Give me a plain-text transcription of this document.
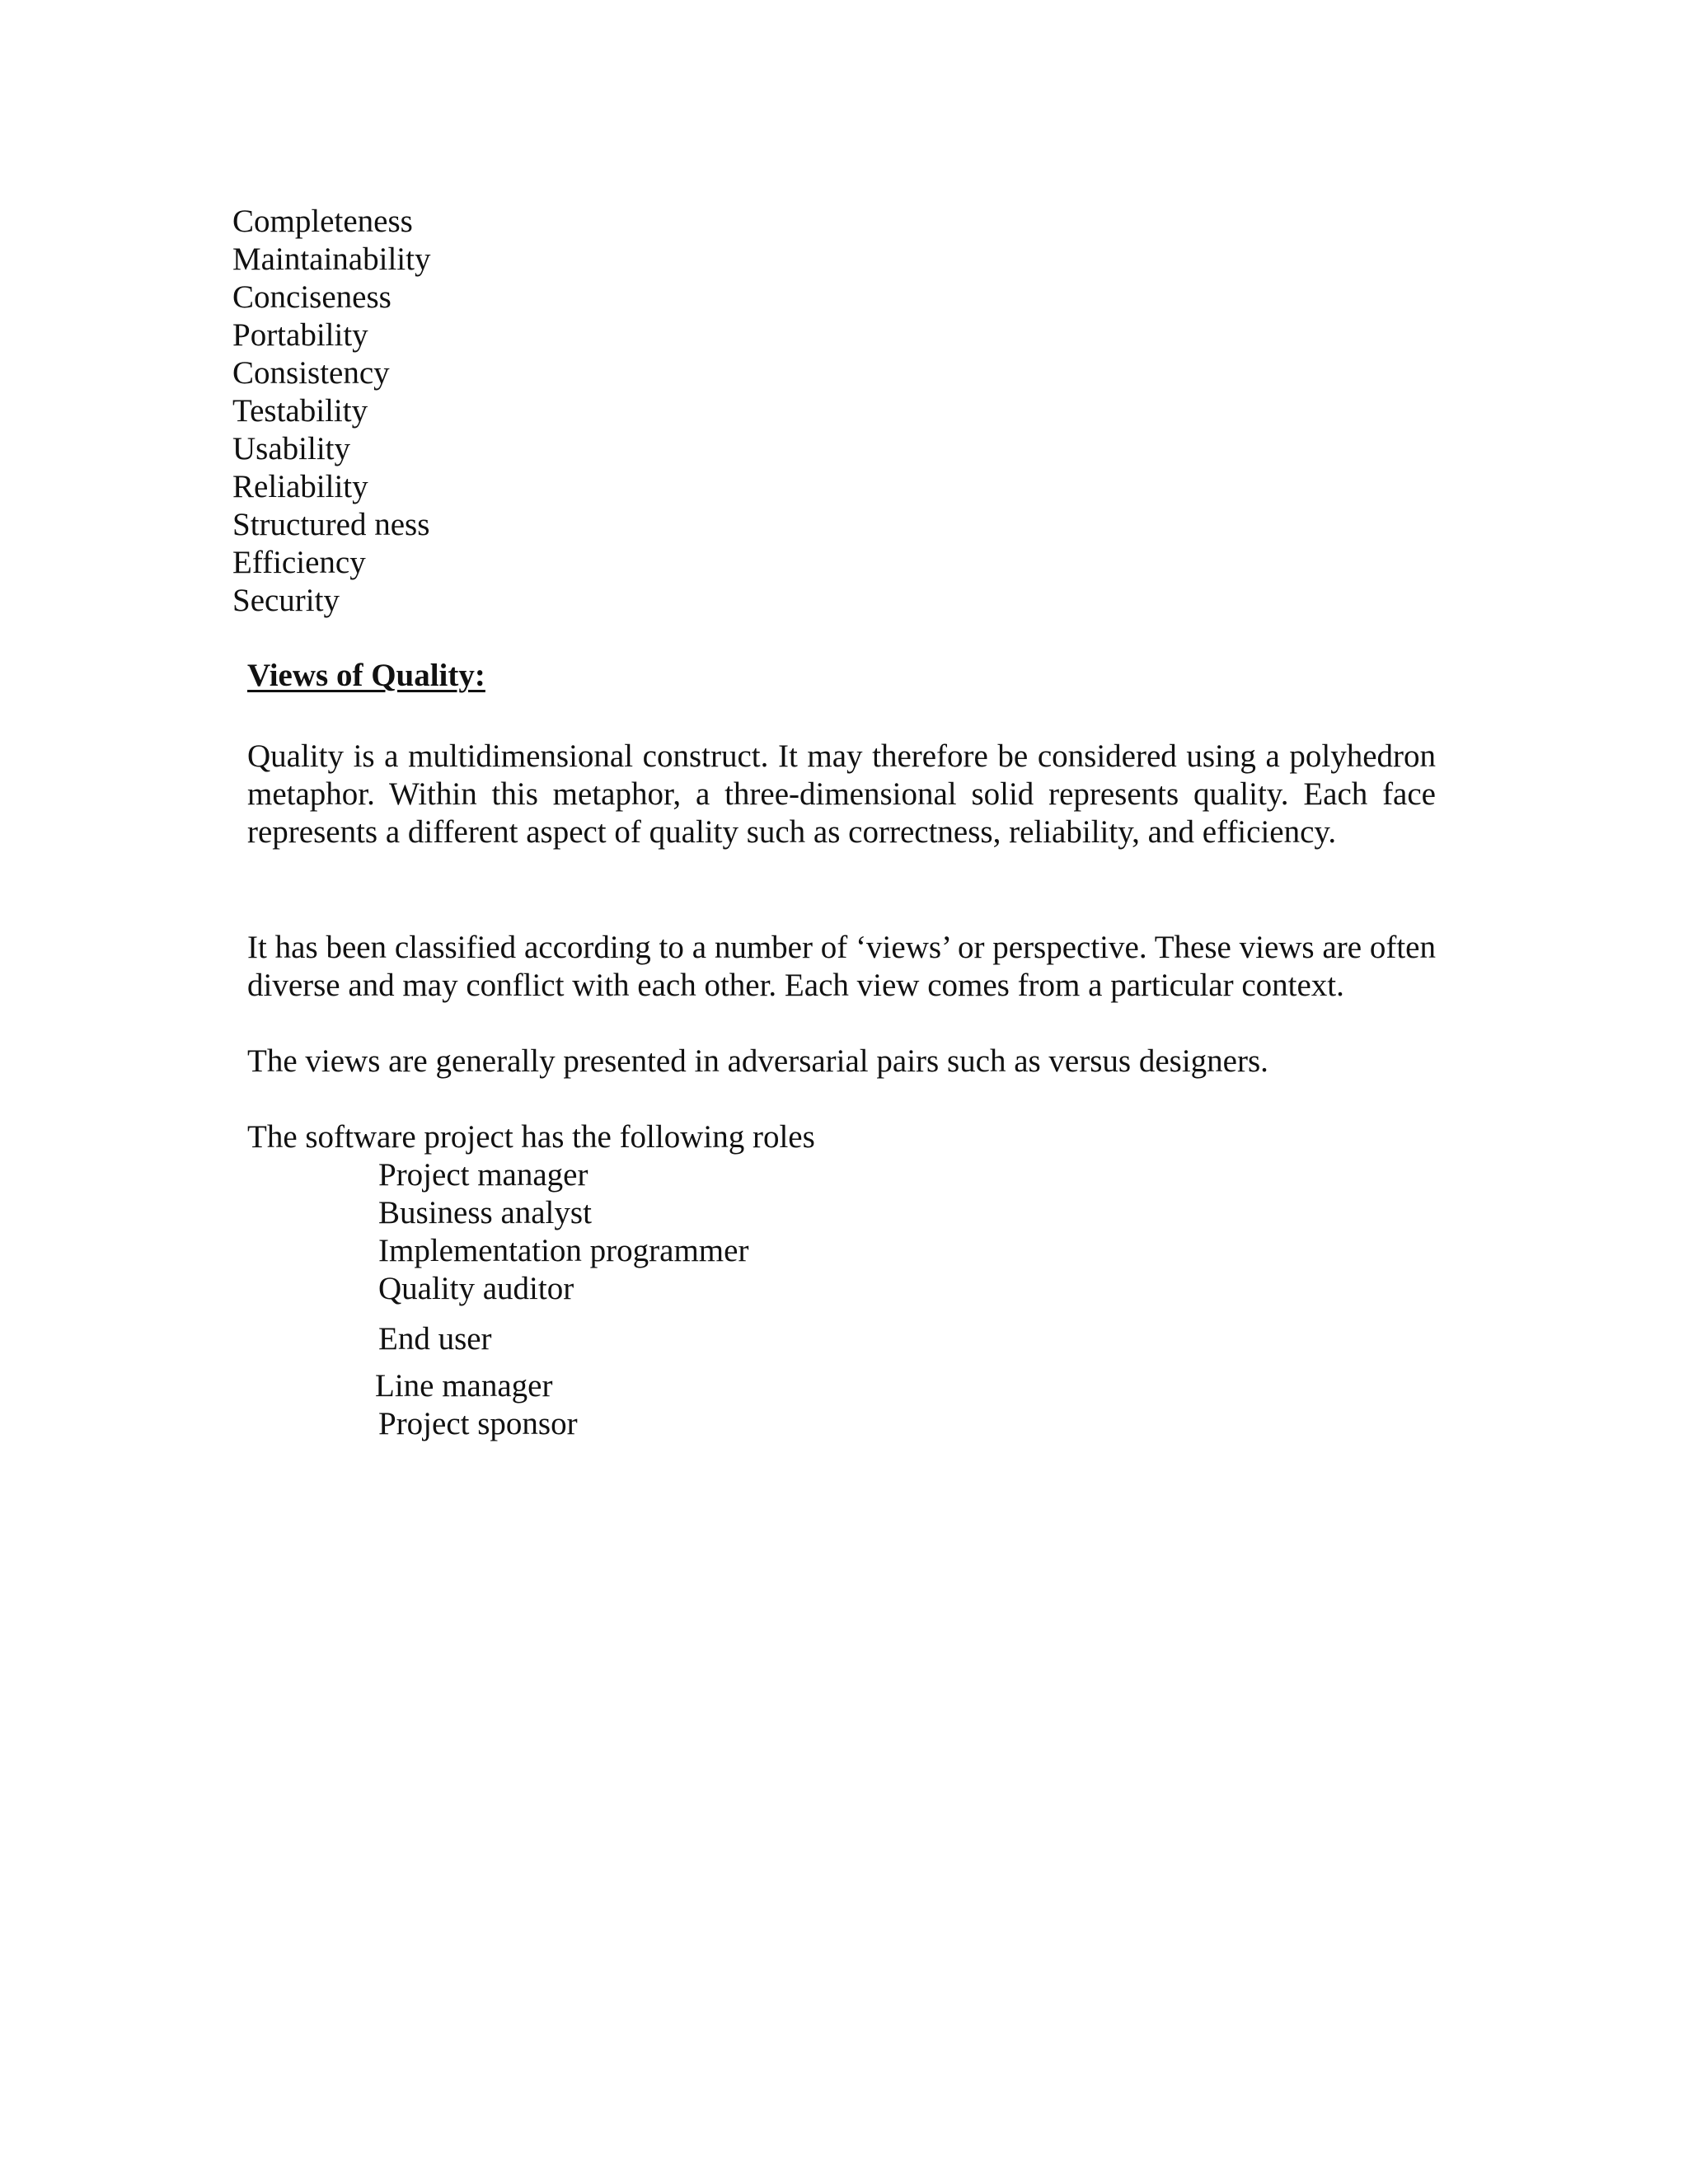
Completeness
Maintainability
Conciseness
Portability
Consistency
Testability
Usability
Reliability
Structured ness
Efficiency
Security
Views of Quality:

Quality is a multidimensional construct. It may therefore be considered using a polyhedron metaphor. Within this metaphor, a three-dimensional solid represents quality. Each face represents a different aspect of quality such as correctness, reliability, and efficiency.

It has been classified according to a number of ‘views’ or perspective. These views are often diverse and may conflict with each other. Each view comes from a particular context.

The views are generally presented in adversarial pairs such as versus designers.

The software project has the following roles

Project manager
Business analyst
Implementation programmer
Quality auditor
End user
Line manager
Project sponsor
